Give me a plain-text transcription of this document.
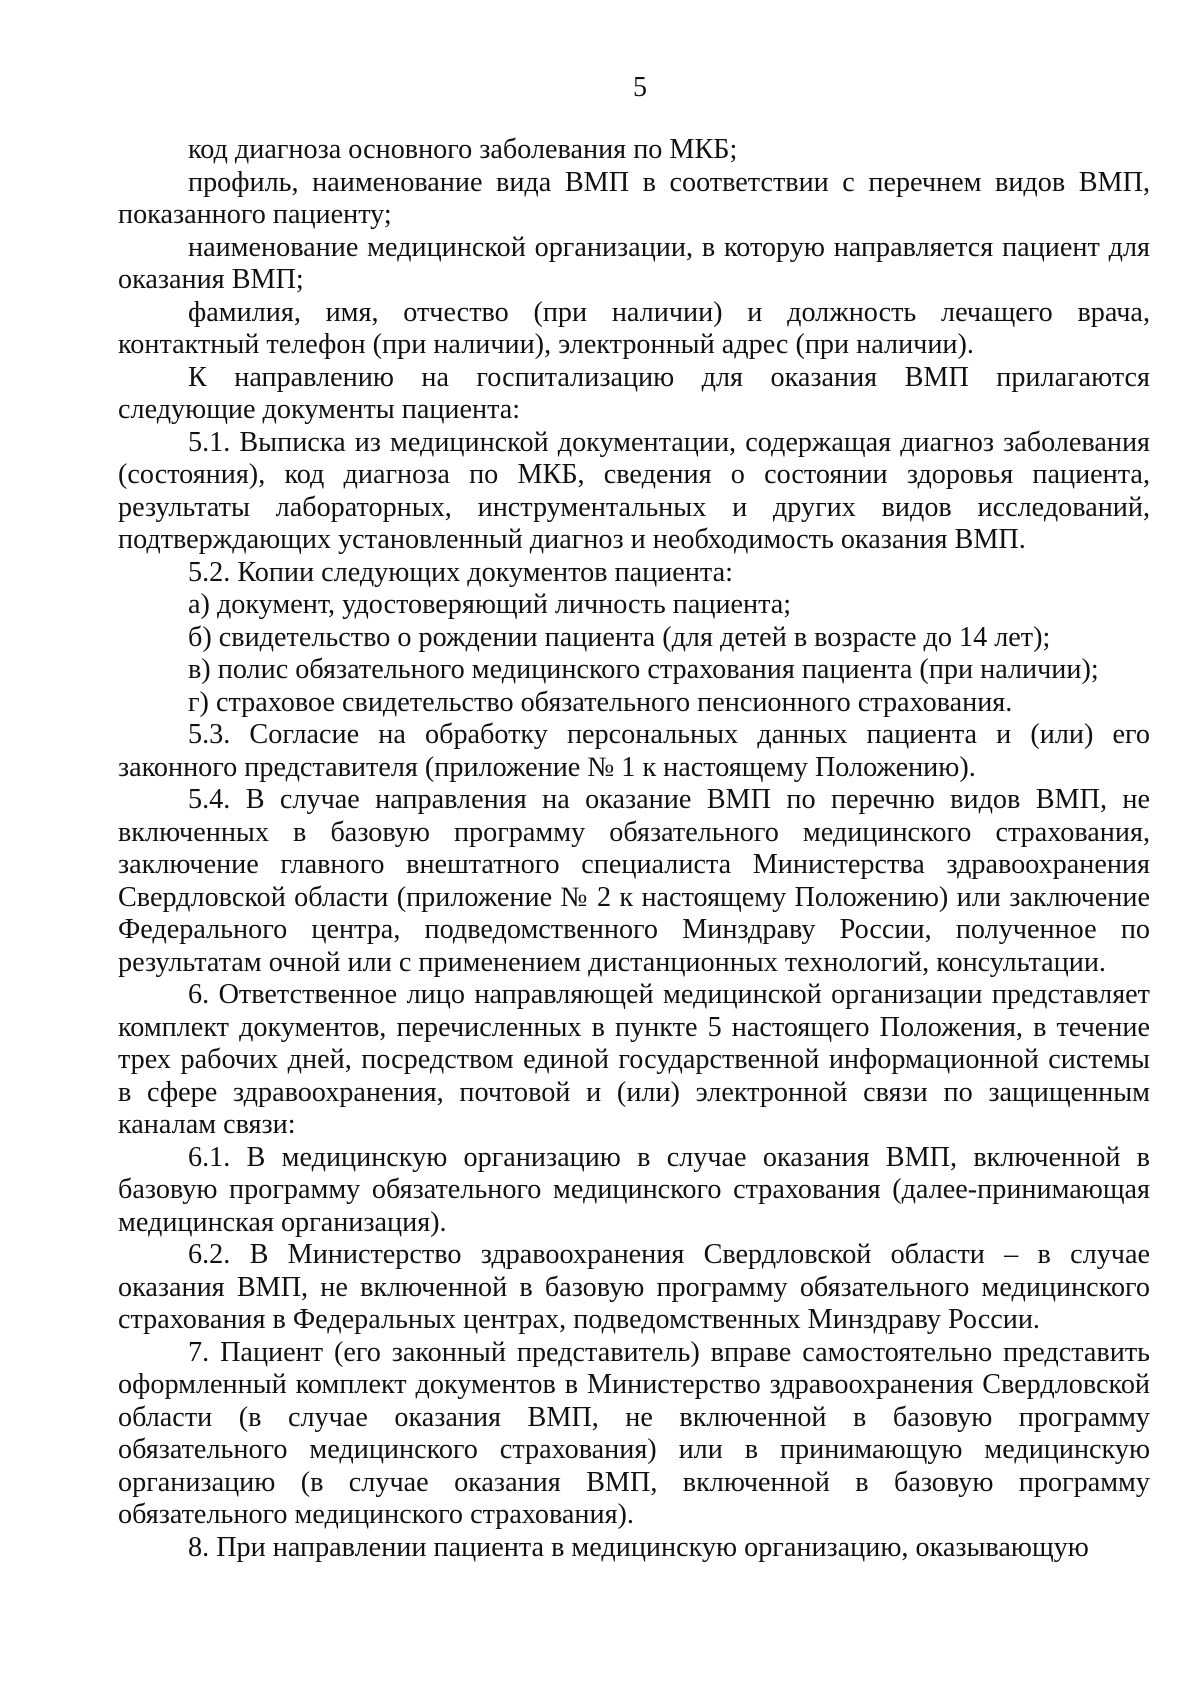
5

код диагноза основного заболевания по МКБ;

профиль, наименование вида ВМП в соответствии с перечнем видов ВМП, показанного пациенту;

наименование медицинской организации, в которую направляется пациент для оказания ВМП;

фамилия, имя, отчество (при наличии) и должность лечащего врача, контактный телефон (при наличии), электронный адрес (при наличии).

К направлению на госпитализацию для оказания ВМП прилагаются следующие документы пациента:

5.1. Выписка из медицинской документации, содержащая диагноз заболевания (состояния), код диагноза по МКБ, сведения о состоянии здоровья пациента, результаты лабораторных, инструментальных и других видов исследований, подтверждающих установленный диагноз и необходимость оказания ВМП.

5.2. Копии следующих документов пациента:

а) документ, удостоверяющий личность пациента;

б) свидетельство о рождении пациента (для детей в возрасте до 14 лет);

в) полис обязательного медицинского страхования пациента (при наличии);

г) страховое свидетельство обязательного пенсионного страхования.

5.3. Согласие на обработку персональных данных пациента и (или) его законного представителя (приложение № 1 к настоящему Положению).

5.4. В случае направления на оказание ВМП по перечню видов ВМП, не включенных в базовую программу обязательного медицинского страхования, заключение главного внештатного специалиста Министерства здравоохранения Свердловской области (приложение № 2 к настоящему Положению) или заключение Федерального центра, подведомственного Минздраву России, полученное по результатам очной или с применением дистанционных технологий, консультации.

6. Ответственное лицо направляющей медицинской организации представляет комплект документов, перечисленных в пункте 5 настоящего Положения, в течение трех рабочих дней, посредством единой государственной информационной системы в сфере здравоохранения, почтовой и (или) электронной связи по защищенным каналам связи:

6.1. В медицинскую организацию в случае оказания ВМП, включенной в базовую программу обязательного медицинского страхования (далее-принимающая медицинская организация).

6.2. В Министерство здравоохранения Свердловской области – в случае оказания ВМП, не включенной в базовую программу обязательного медицинского страхования в Федеральных центрах, подведомственных Минздраву России.

7. Пациент (его законный представитель) вправе самостоятельно представить оформленный комплект документов в Министерство здравоохранения Свердловской области (в случае оказания ВМП, не включенной в базовую программу обязательного медицинского страхования) или в принимающую медицинскую организацию (в случае оказания ВМП, включенной в базовую программу обязательного медицинского страхования).

8. При направлении пациента в медицинскую организацию, оказывающую
